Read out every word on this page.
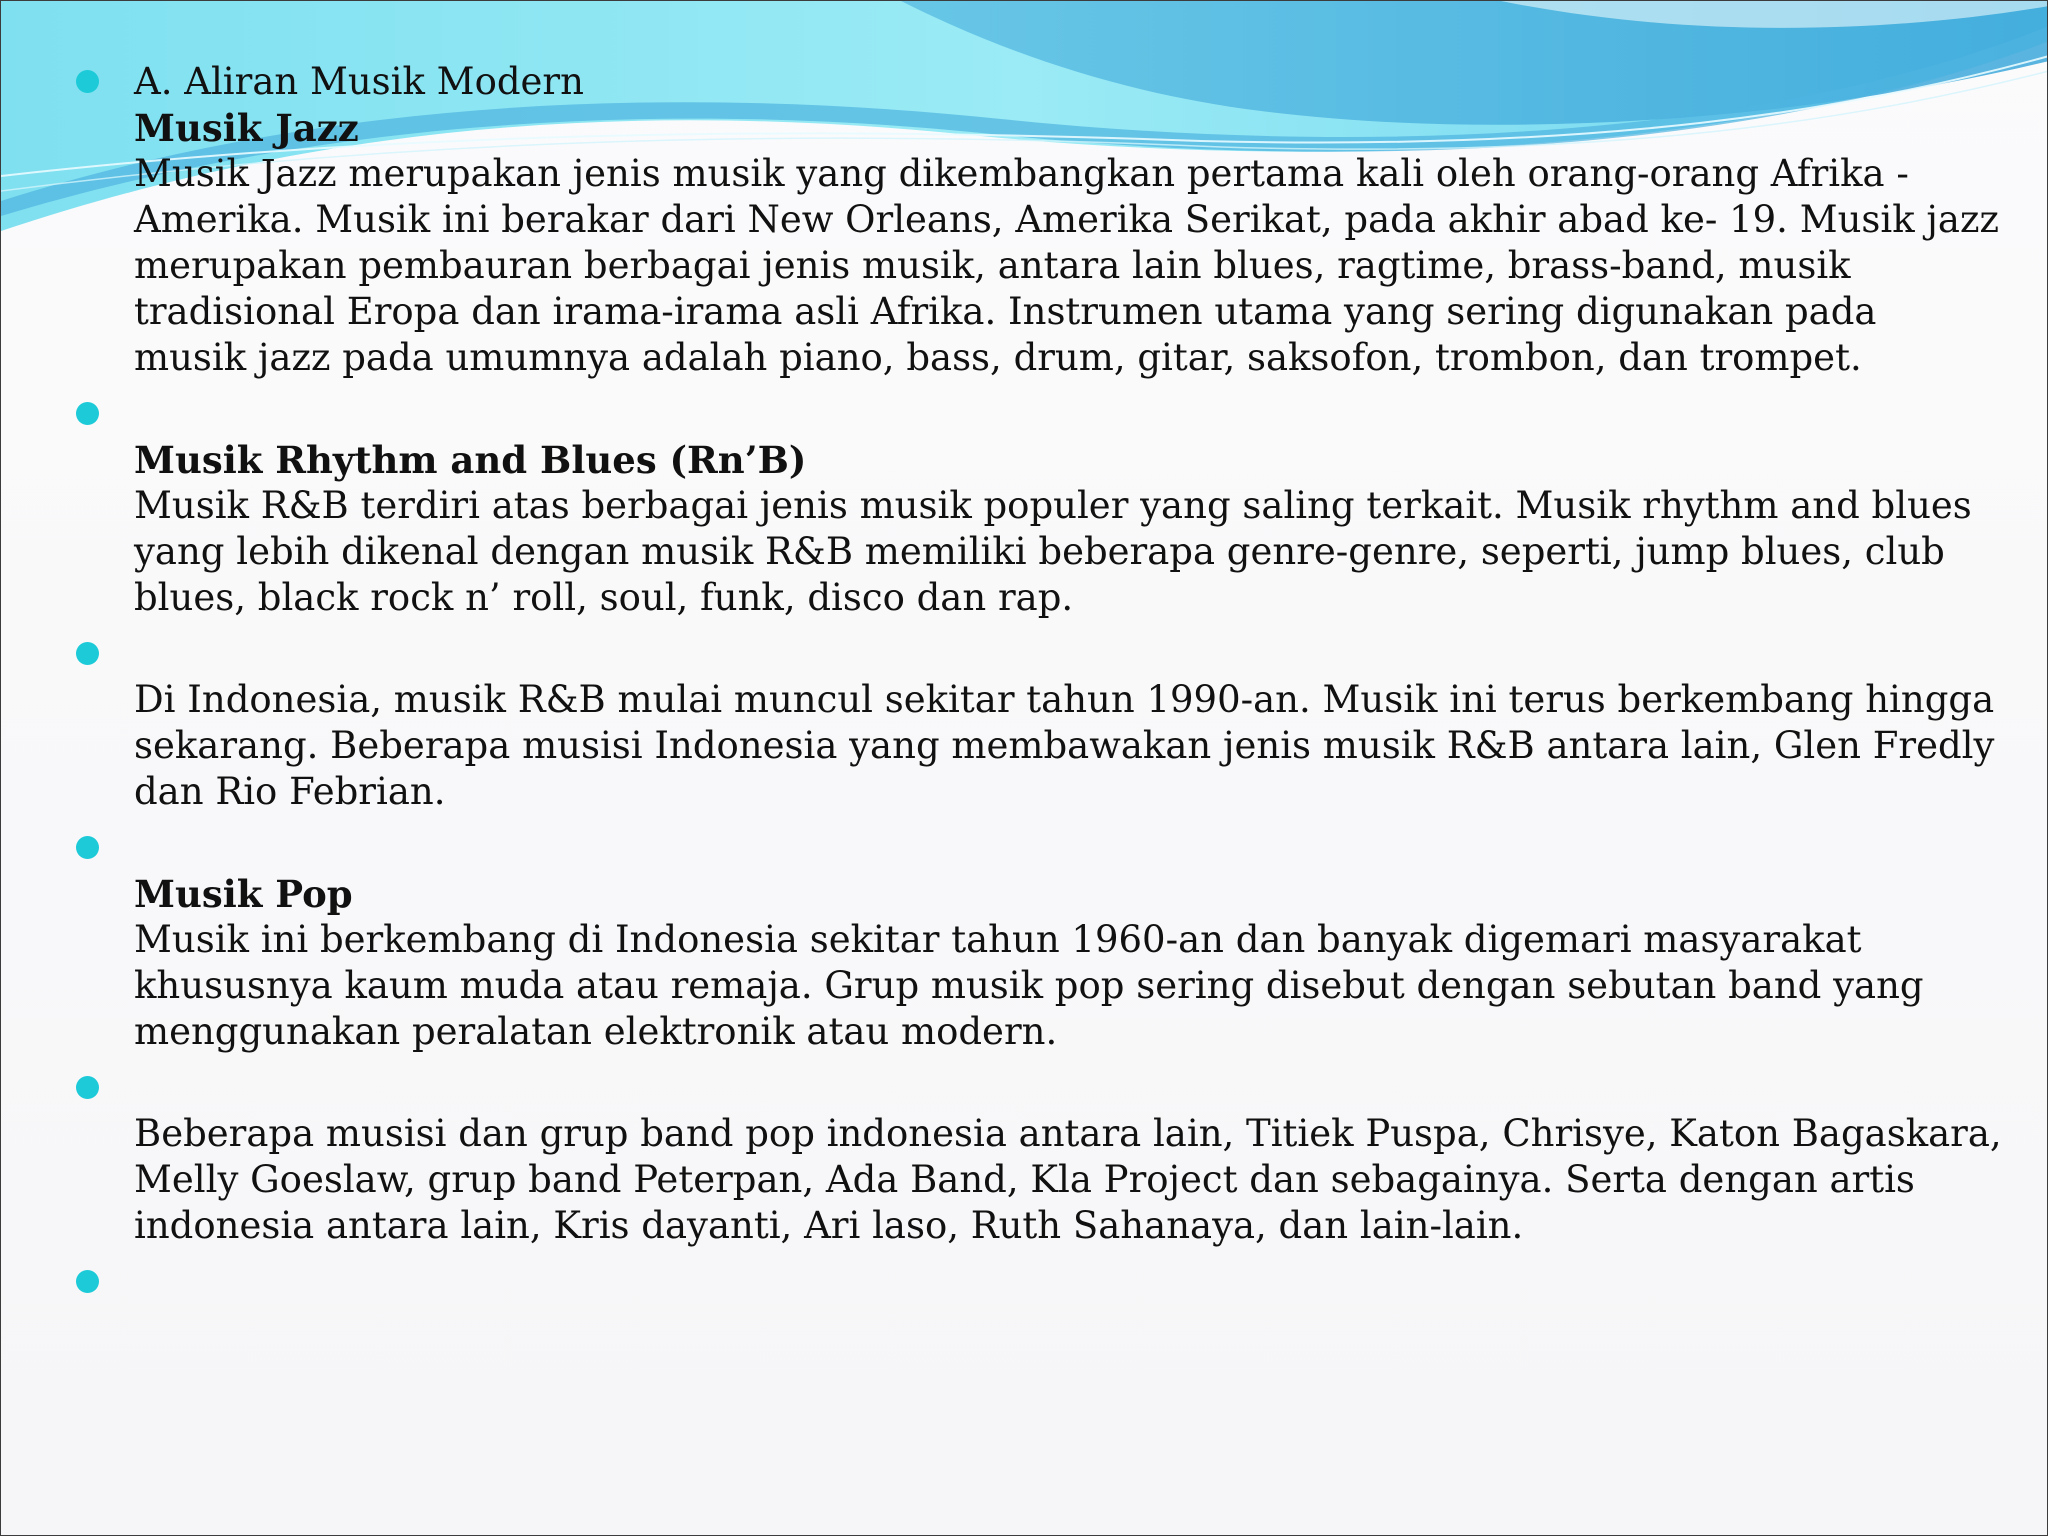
A. Aliran Musik Modern
Musik Jazz
Musik Jazz merupakan jenis musik yang dikembangkan pertama kali oleh orang-orang Afrika -
Amerika. Musik ini berakar dari New Orleans, Amerika Serikat, pada akhir abad ke- 19. Musik jazz
merupakan pembauran berbagai jenis musik, antara lain blues, ragtime, brass-band, musik
tradisional Eropa dan irama-irama asli Afrika. Instrumen utama yang sering digunakan pada
musik jazz pada umumnya adalah piano, bass, drum, gitar, saksofon, trombon, dan trompet.
Musik Rhythm and Blues (Rn’B)
Musik R&B terdiri atas berbagai jenis musik populer yang saling terkait. Musik rhythm and blues
yang lebih dikenal dengan musik R&B memiliki beberapa genre-genre, seperti, jump blues, club
blues, black rock n’ roll, soul, funk, disco dan rap.
Di Indonesia, musik R&B mulai muncul sekitar tahun 1990-an. Musik ini terus berkembang hingga
sekarang. Beberapa musisi Indonesia yang membawakan jenis musik R&B antara lain, Glen Fredly
dan Rio Febrian.
Musik Pop
Musik ini berkembang di Indonesia sekitar tahun 1960-an dan banyak digemari masyarakat
khususnya kaum muda atau remaja. Grup musik pop sering disebut dengan sebutan band yang
menggunakan peralatan elektronik atau modern.
Beberapa musisi dan grup band pop indonesia antara lain, Titiek Puspa, Chrisye, Katon Bagaskara,
Melly Goeslaw, grup band Peterpan, Ada Band, Kla Project dan sebagainya. Serta dengan artis
indonesia antara lain, Kris dayanti, Ari laso, Ruth Sahanaya, dan lain-lain.
